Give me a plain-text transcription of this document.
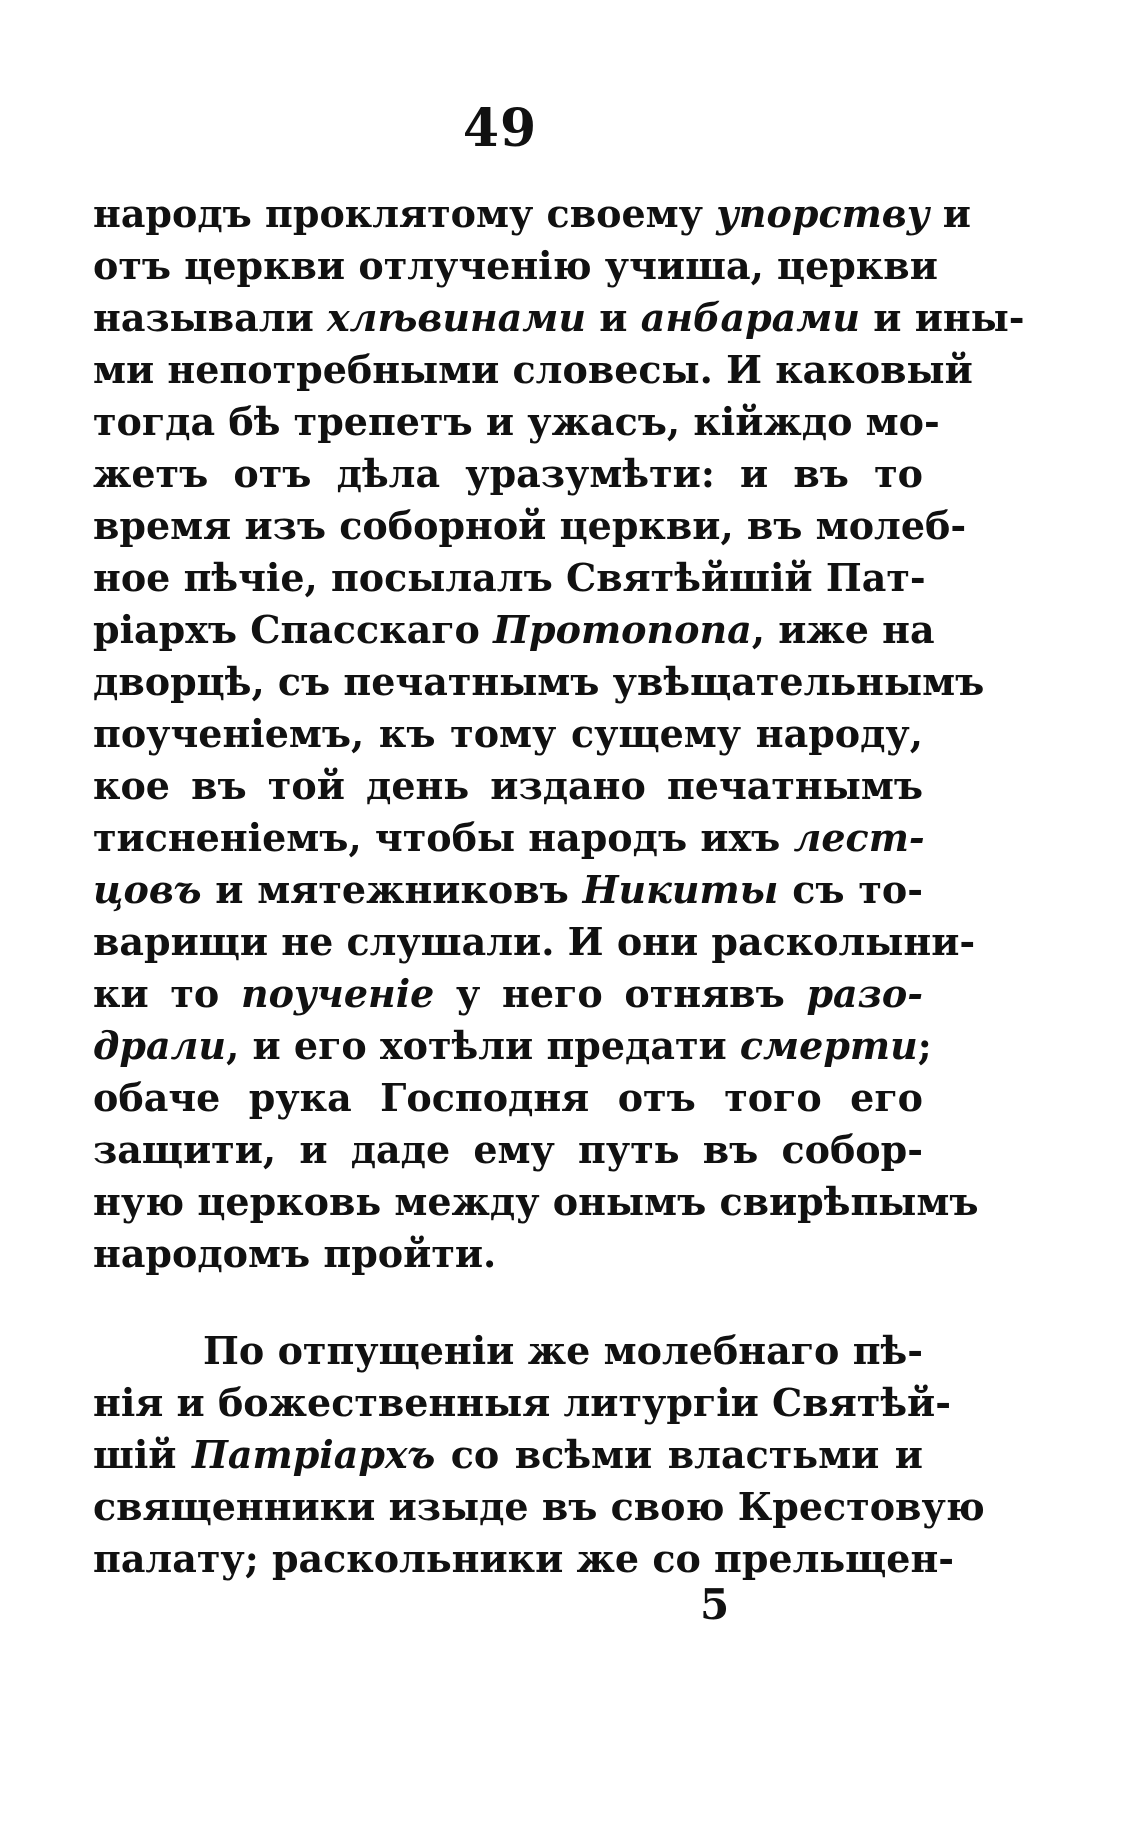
49
народъ проклятому своему упорству и
отъ церкви отлученію учиша, церкви
называли хлѣвинами и анбарами и ины-
ми непотребными словесы. И каковый
тогда бѣ трепетъ и ужасъ, кійждо мо-
жетъ отъ дѣла уразумѣти: и въ то
время изъ соборной церкви, въ молеб-
ное пѣчіе, посылалъ Святѣйшій Пат-
ріархъ Спасскаго Протопопа, иже на
дворцѣ, съ печатнымъ увѣщательнымъ
поученіемъ, къ тому сущему народу,
кое въ той день издано печатнымъ
тисненіемъ, чтобы народъ ихъ лест-
цовъ и мятежниковъ Никиты съ то-
варищи не слушали. И они расколыни-
ки то поученіе у него отнявъ разо-
драли, и его хотѣли предати смерти;
обаче рука Господня отъ того его
защити, и даде ему путь въ собор-
ную церковь между онымъ свирѣпымъ
народомъ пройти.
По отпущеніи же молебнаго пѣ-
нія и божественныя литургіи Святѣй-
шій Патріархъ со всѣми властьми и
священники изыде въ свою Крестовую
палату; раскольники же со прельщен-
5
